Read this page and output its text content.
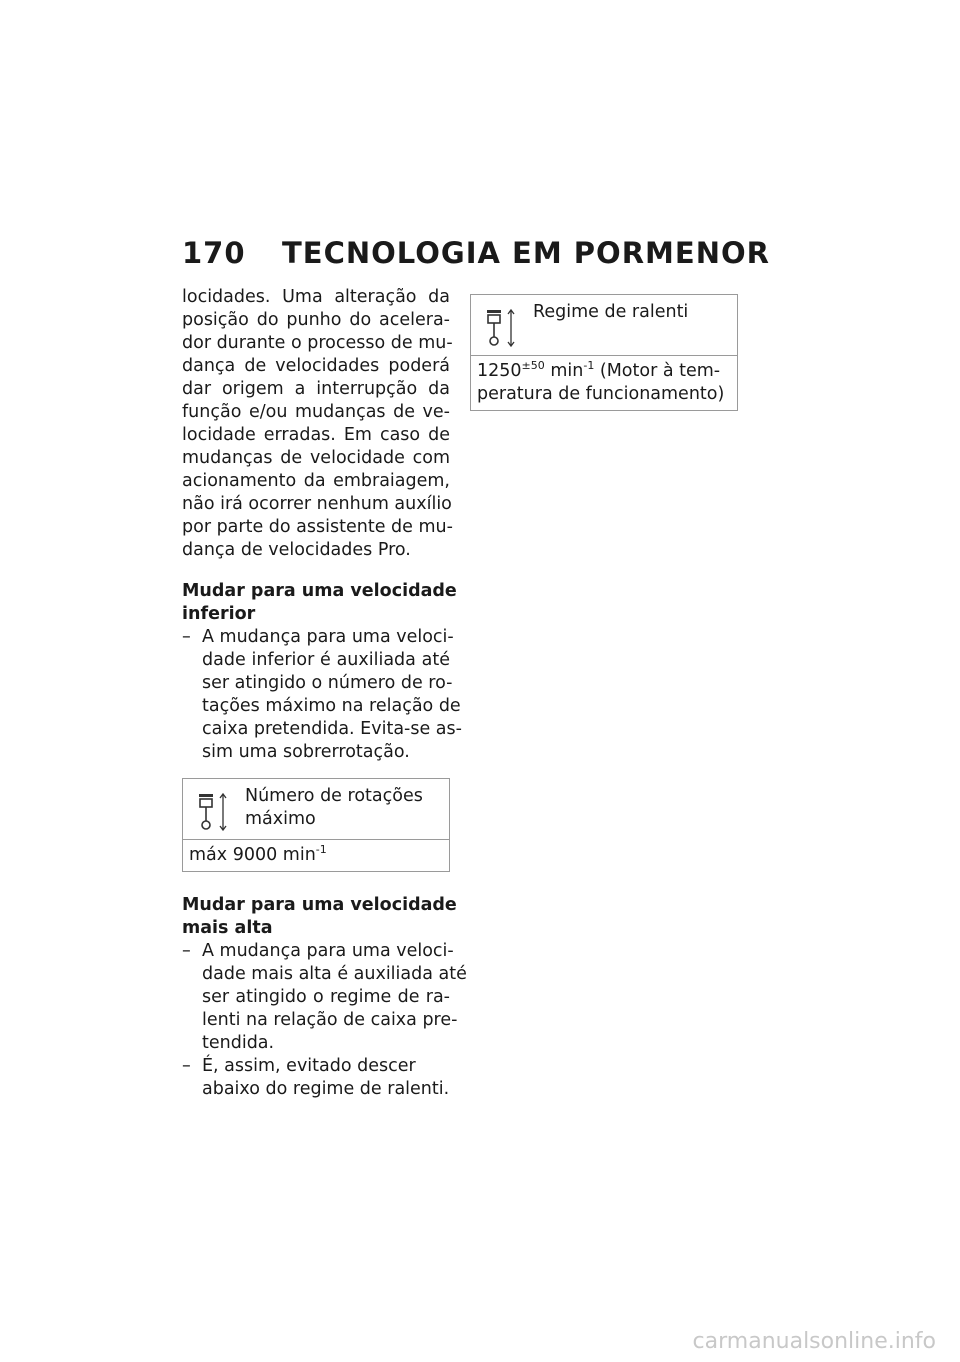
170 TECNOLOGIA EM PORMENOR
locidades. Uma alteração da
posição do punho do acelera-
dor durante o processo de mu-
dança de velocidades poderá
dar origem a interrupção da
função e/ou mudanças de ve-
locidade erradas. Em caso de
mudanças de velocidade com
acionamento da embraiagem,
não irá ocorrer nenhum auxílio
por parte do assistente de mu-
dança de velocidades Pro.
Mudar para uma velocidade
inferior
– A mudança para uma veloci-
dade inferior é auxiliada até
ser atingido o número de ro-
tações máximo na relação de
caixa pretendida. Evita-se as-
sim uma sobrerrotação.
Número de rotações
máximo
máx 9000 $\min^{-1}$
Mudar para uma velocidade
mais alta
– A mudança para uma veloci-
dade mais alta é auxiliada até
ser atingido o regime de ra-
lenti na relação de caixa pre-
tendida.
– É, assim, evitado descer
abaixo do regime de ralenti.
Regime de ralenti
$1250^{\pm 50}$ $\min^{-1}$ (Motor à tem-
peratura de funcionamento)
carmanualsonline.info
